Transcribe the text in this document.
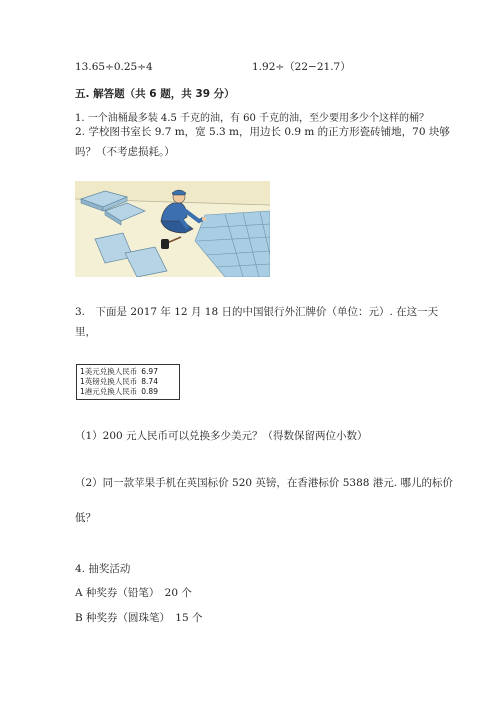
13.65÷0.25÷4	1.92÷（22−21.7）
五. 解答题（共 6 题，共 39 分）
1. 一个油桶最多装 4.5 千克的油，有 60 千克的油，至少要用多少个这样的桶？
2. 学校图书室长 9.7 m，宽 5.3 m，用边长 0.9 m 的正方形瓷砖铺地，70 块够
吗？（不考虑损耗。）
3.　下面是 2017 年 12 月 18 日的中国银行外汇牌价（单位：元）. 在这一天
里，
1美元兑换人民币 6.97
1英镑兑换人民币 8.74
1港元兑换人民币 0.89
（1）200 元人民币可以兑换多少美元？（得数保留两位小数）
（2）同一款苹果手机在英国标价 520 英镑，在香港标价 5388 港元. 哪儿的标价
低？
4. 抽奖活动
A 种奖券（铅笔）　20 个
B 种奖券（圆珠笔）　15 个
